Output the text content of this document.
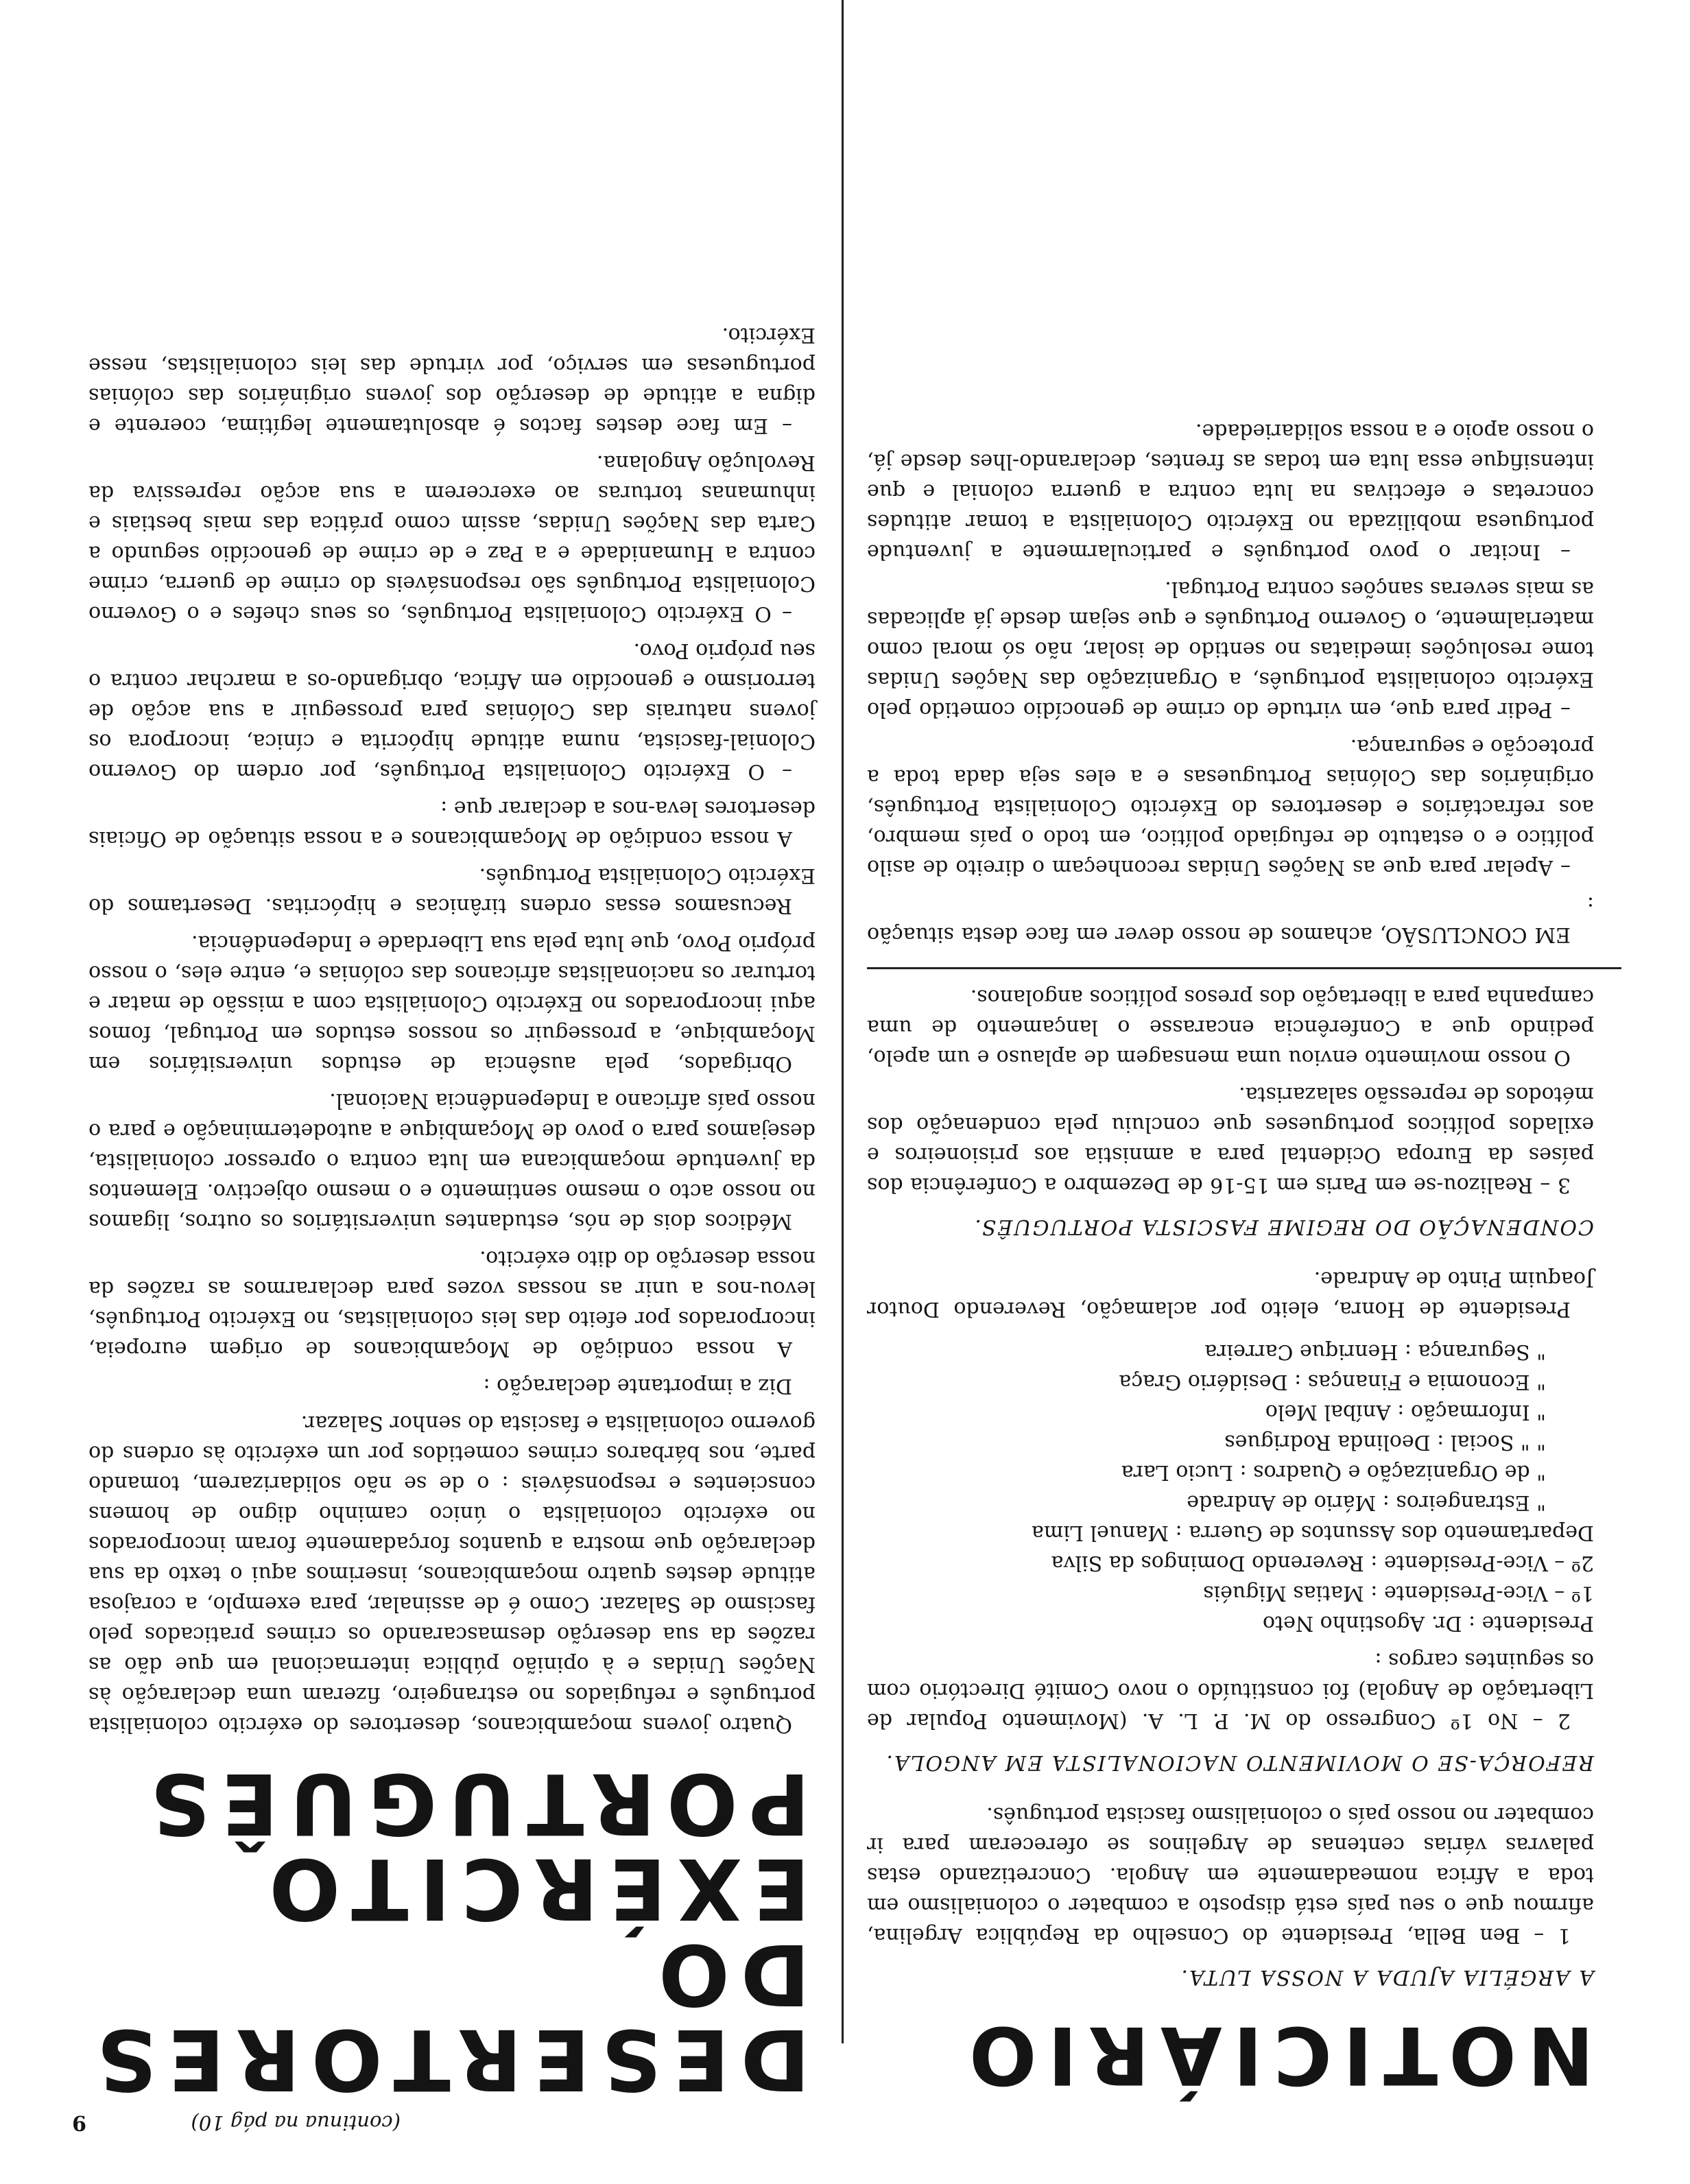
(continua na pág 10)
9
DESERTORES DO
EXÉRCITO
PORTUGUÊS

Quatro jovens moçambicanos, desertores do exército colonialista português e refugiados no estrangeiro, fizeram uma declaração às Nações Unidas e à opinião pública internacional em que dão as razões da sua deserção desmascarando os crimes praticados pelo fascismo de Salazar. Como é de assinalar, para exemplo, a corajosa atitude destes quatro moçambicanos, inserimos aqui o texto da sua declaração que mostra a quantos forçadamente foram incorporados no exército colonialista o único caminho digno de homens conscientes e responsáveis : o de se não solidarizarem, tomando parte, nos bárbaros crimes cometidos por um exército às ordens do governo colonialista e fascista do senhor Salazar.

Diz a importante declaração :

A nossa condição de Moçambicanos de origem europeia, incorporados por efeito das leis colonialistas, no Exército Português, levou-nos a unir as nossas vozes para declararmos as razões da nossa deserção do dito exército.

Médicos dois de nós, estudantes universitários os outros, ligamos no nosso acto o mesmo sentimento e o mesmo objectivo. Elementos da juventude moçambicana em luta contra o opressor colonialista, desejamos para o povo de Moçambique a autodeterminação e para o nosso país africano a Independência Nacional.

Obrigados, pela ausência de estudos universitários em Moçambique, a prosseguir os nossos estudos em Portugal, fomos aqui incorporados no Exército Colonialista com a missão de matar e torturar os nacionalistas africanos das colónias e, entre eles, o nosso próprio Povo, que luta pela sua Liberdade e Independência.

Recusamos essas ordens tirânicas e hipócritas. Desertamos do Exército Colonialista Português.

A nossa condição de Moçambicanos e a nossa situação de Oficiais desertores leva-nos a declarar que :

– O Exército Colonialista Português, por ordem do Governo Colonial-fascista, numa atitude hipócrita e cínica, incorpora os jovens naturais das Colónias para prosseguir a sua acção de terrorismo e genocídio em Africa, obrigando-os a marchar contra o seu próprio Povo.

– O Exército Colonialista Português, os seus chefes e o Governo Colonialista Português são responsáveis do crime de guerra, crime contra a Humanidade e a Paz e de crime de genocídio segundo a Carta das Nações Unidas, assim como prática das mais bestiais e inhumanas torturas ao exercerem a sua acção repressiva da Revolução Angolana.

– Em face destes factos é absolutamente legítima, coerente e digna a atitude de deserção dos jovens originários das colónias portuguesas em serviço, por virtude das leis colonialistas, nesse Exército.

NOTICIÁRIO
A ARGÉLIA AJUDA A NOSSA LUTA.

1 – Ben Bella, Presidente do Conselho da República Argelina, afirmou que o seu país está disposto a combater o colonialismo em toda a Africa nomeadamente em Angola. Concretizando estas palavras várias centenas de Argelinos se ofereceram para ir combater no nosso país o colonialismo fascista português.

REFORÇA-SE O MOVIMENTO NACIONALISTA EM ANGOLA.

2 – No 1º Congresso do M. P. L. A. (Movimento Popular de Libertação de Angola) foi constituído o novo Comité Directório com os seguintes cargos :

Presidente : Dr. Agostinho Neto
1º – Vice-Presidente : Matias Miguéis
2º – Vice-Presidente : Reverendo Domingos da Silva
Departamento dos Assuntos de Guerra : Manuel Lima
" Estrangeiros : Mário de Andrade
" de Organização e Quadros : Lucio Lara
" " Social : Deolinda Rodrigues
" Informação : Aníbal Melo
" Economia e Finanças : Desidério Graça
" Segurança : Henrique Carreira

Presidente de Honra, eleito por aclamação, Reverendo Doutor Joaquim Pinto de Andrade.

CONDENAÇÃO DO REGIME FASCISTA PORTUGUÊS.

3 – Realizou-se em Paris em 15-16 de Dezembro a Conferência dos países da Europa Ocidental para a amnistia aos prisioneiros e exilados políticos portugueses que concluiu pela condenação dos métodos de repressão salazarista.

O nosso movimento enviou uma mensagem de aplauso e um apelo, pedindo que a Conferência encarasse o lançamento de uma campanha para a libertação dos presos políticos angolanos.

EM CONCLUSÃO, achamos de nosso dever em face desta situação :

– Apelar para que as Nações Unidas reconheçam o direito de asilo político e o estatuto de refugiado político, em todo o país membro, aos refractários e desertores do Exército Colonialista Português, originários das Colónias Portuguesas e a eles seja dada toda a protecção e segurança.

– Pedir para que, em virtude do crime de genocídio cometido pelo Exército colonialista português, a Organização das Nações Unidas tome resoluções imediatas no sentido de isolar, não só moral como materialmente, o Governo Português e que sejam desde já aplicadas as mais severas sanções contra Portugal.

– Incitar o povo português e particularmente a juventude portuguesa mobilizada no Exército Colonialista a tomar atitudes concretas e efectivas na luta contra a guerra colonial e que intensifique essa luta em todas as frentes, declarando-lhes desde já, o nosso apoio e a nossa solidariedade.
